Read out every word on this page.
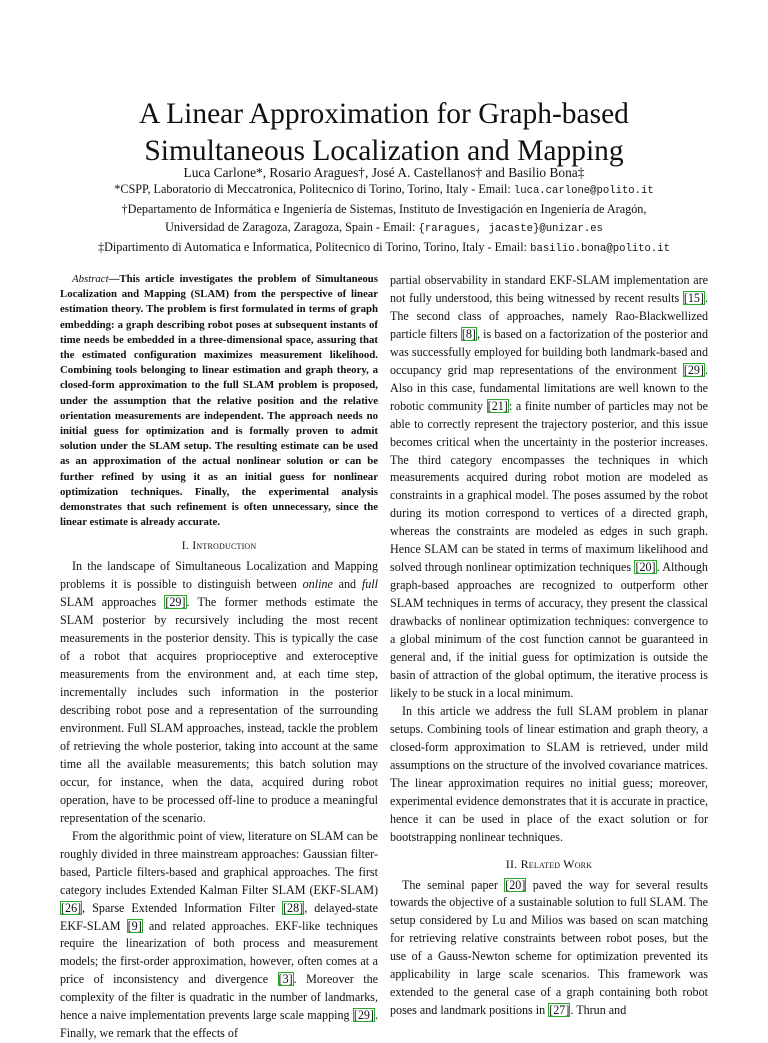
A Linear Approximation for Graph-based
Simultaneous Localization and Mapping
Luca Carlone*, Rosario Aragues†, José A. Castellanos† and Basilio Bona‡
*CSPP, Laboratorio di Meccatronica, Politecnico di Torino, Torino, Italy - Email: luca.carlone@polito.it
†Departamento de Informática e Ingeniería de Sistemas, Instituto de Investigación en Ingeniería de Aragón,
Universidad de Zaragoza, Zaragoza, Spain - Email: {raragues, jacaste}@unizar.es
‡Dipartimento di Automatica e Informatica, Politecnico di Torino, Torino, Italy - Email: basilio.bona@polito.it

Abstract—This article investigates the problem of Simultaneous Localization and Mapping (SLAM) from the perspective of linear estimation theory. The problem is first formulated in terms of graph embedding: a graph describing robot poses at subsequent instants of time needs be embedded in a three-dimensional space, assuring that the estimated configuration maximizes measurement likelihood. Combining tools belonging to linear estimation and graph theory, a closed-form approximation to the full SLAM problem is proposed, under the assumption that the relative position and the relative orientation measurements are independent. The approach needs no initial guess for optimization and is formally proven to admit solution under the SLAM setup. The resulting estimate can be used as an approximation of the actual nonlinear solution or can be further refined by using it as an initial guess for nonlinear optimization techniques. Finally, the experimental analysis demonstrates that such refinement is often unnecessary, since the linear estimate is already accurate.

I. Introduction

In the landscape of Simultaneous Localization and Mapping problems it is possible to distinguish between online and full SLAM approaches [29]. The former methods estimate the SLAM posterior by recursively including the most recent measurements in the posterior density. This is typically the case of a robot that acquires proprioceptive and exteroceptive measurements from the environment and, at each time step, incrementally includes such information in the posterior describing robot pose and a representation of the surrounding environment. Full SLAM approaches, instead, tackle the problem of retrieving the whole posterior, taking into account at the same time all the available measurements; this batch solution may occur, for instance, when the data, acquired during robot operation, have to be processed off-line to produce a meaningful representation of the scenario.

From the algorithmic point of view, literature on SLAM can be roughly divided in three mainstream approaches: Gaussian filter-based, Particle filters-based and graphical approaches. The first category includes Extended Kalman Filter SLAM (EKF-SLAM) [26], Sparse Extended Information Filter [28], delayed-state EKF-SLAM [9] and related approaches. EKF-like techniques require the linearization of both process and measurement models; the first-order approximation, however, often comes at a price of inconsistency and divergence [3]. Moreover the complexity of the filter is quadratic in the number of landmarks, hence a naive implementation prevents large scale mapping [29]. Finally, we remark that the effects of

partial observability in standard EKF-SLAM implementation are not fully understood, this being witnessed by recent results [15]. The second class of approaches, namely Rao-Blackwellized particle filters [8], is based on a factorization of the posterior and was successfully employed for building both landmark-based and occupancy grid map representations of the environment [29]. Also in this case, fundamental limitations are well known to the robotic community [21]: a finite number of particles may not be able to correctly represent the trajectory posterior, and this issue becomes critical when the uncertainty in the posterior increases. The third category encompasses the techniques in which measurements acquired during robot motion are modeled as constraints in a graphical model. The poses assumed by the robot during its motion correspond to vertices of a directed graph, whereas the constraints are modeled as edges in such graph. Hence SLAM can be stated in terms of maximum likelihood and solved through nonlinear optimization techniques [20]. Although graph-based approaches are recognized to outperform other SLAM techniques in terms of accuracy, they present the classical drawbacks of nonlinear optimization techniques: convergence to a global minimum of the cost function cannot be guaranteed in general and, if the initial guess for optimization is outside the basin of attraction of the global optimum, the iterative process is likely to be stuck in a local minimum.

In this article we address the full SLAM problem in planar setups. Combining tools of linear estimation and graph theory, a closed-form approximation to SLAM is retrieved, under mild assumptions on the structure of the involved covariance matrices. The linear approximation requires no initial guess; moreover, experimental evidence demonstrates that it is accurate in practice, hence it can be used in place of the exact solution or for bootstrapping nonlinear techniques.

II. Related Work

The seminal paper [20] paved the way for several results towards the objective of a sustainable solution to full SLAM. The setup considered by Lu and Milios was based on scan matching for retrieving relative constraints between robot poses, but the use of a Gauss-Newton scheme for optimization prevented its applicability in large scale scenarios. This framework was extended to the general case of a graph containing both robot poses and landmark positions in [27]. Thrun and
